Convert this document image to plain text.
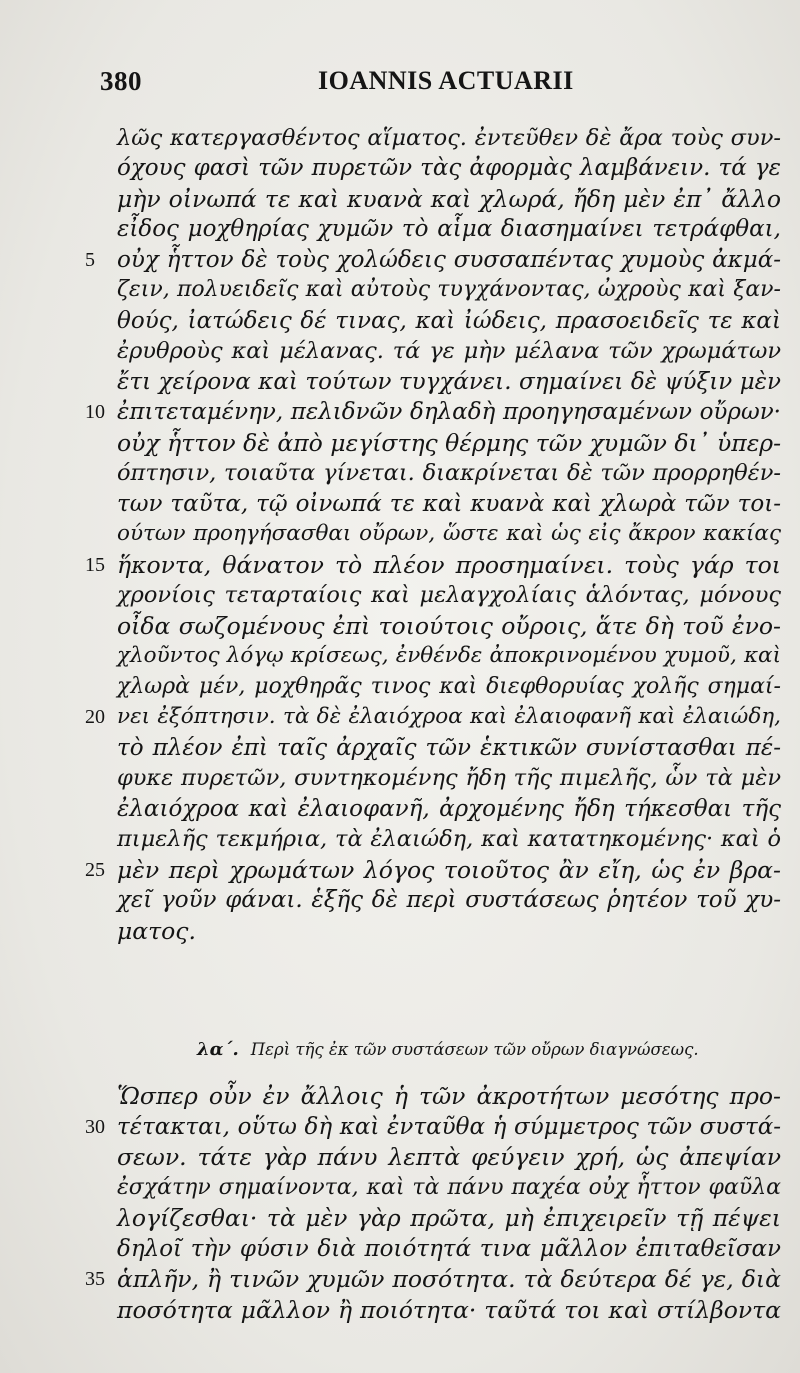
380	IOANNIS ACTUARII
λῶς κατεργασθέντος αἵματος. ἐντεῦθεν δὲ ἄρα τοὺς συν-
όχους φασὶ τῶν πυρετῶν τὰς ἀφορμὰς λαμβάνειν. τά γε
μὴν οἰνωπά τε καὶ κυανὰ καὶ χλωρά, ἤδη μὲν ἐπ᾽ ἄλλο
εἶδος μοχθηρίας χυμῶν τὸ αἷμα διασημαίνει τετράφθαι,
οὐχ ἧττον δὲ τοὺς χολώδεις συσσαπέντας χυμοὺς ἀκμά-
5
ζειν, πολυειδεῖς καὶ αὐτοὺς τυγχάνοντας, ὠχροὺς καὶ ξαν-
θούς, ἰατώδεις δέ τινας, καὶ ἰώδεις, πρασοειδεῖς τε καὶ
ἐρυθροὺς καὶ μέλανας. τά γε μὴν μέλανα τῶν χρωμάτων
ἔτι χείρονα καὶ τούτων τυγχάνει. σημαίνει δὲ ψύξιν μὲν
ἐπιτεταμένην, πελιδνῶν δηλαδὴ προηγησαμένων οὔρων·
10
οὐχ ἧττον δὲ ἀπὸ μεγίστης θέρμης τῶν χυμῶν δι᾽ ὑπερ-
όπτησιν, τοιαῦτα γίνεται. διακρίνεται δὲ τῶν προρρηθέν-
των ταῦτα, τῷ οἰνωπά τε καὶ κυανὰ καὶ χλωρὰ τῶν τοι-
ούτων προηγήσασθαι οὔρων, ὥστε καὶ ὡς εἰς ἄκρον κακίας
ἥκοντα, θάνατον τὸ πλέον προσημαίνει. τοὺς γάρ τοι
15
χρονίοις τεταρταίοις καὶ μελαγχολίαις ἁλόντας, μόνους
οἶδα σωζομένους ἐπὶ τοιούτοις οὔροις, ἅτε δὴ τοῦ ἐνο-
χλοῦντος λόγῳ κρίσεως, ἐνθένδε ἀποκρινομένου χυμοῦ, καὶ
χλωρὰ μέν, μοχθηρᾶς τινος καὶ διεφθορυίας χολῆς σημαί-
νει ἐξόπτησιν. τὰ δὲ ἐλαιόχροα καὶ ἐλαιοφανῆ καὶ ἐλαιώδη,
20
τὸ πλέον ἐπὶ ταῖς ἀρχαῖς τῶν ἑκτικῶν συνίστασθαι πέ-
φυκε πυρετῶν, συντηκομένης ἤδη τῆς πιμελῆς, ὧν τὰ μὲν
ἐλαιόχροα καὶ ἐλαιοφανῆ, ἀρχομένης ἤδη τήκεσθαι τῆς
πιμελῆς τεκμήρια, τὰ ἐλαιώδη, καὶ κατατηκομένης· καὶ ὁ
μὲν περὶ χρωμάτων λόγος τοιοῦτος ἂν εἴη, ὡς ἐν βρα-
25
χεῖ γοῦν φάναι. ἑξῆς δὲ περὶ συστάσεως ῥητέον τοῦ χυ-
ματος.
λα΄. Περὶ τῆς ἐκ τῶν συστάσεων τῶν οὔρων διαγνώσεως.
Ὥσπερ οὖν ἐν ἄλλοις ἡ τῶν ἀκροτήτων μεσότης προ-
τέτακται, οὕτω δὴ καὶ ἐνταῦθα ἡ σύμμετρος τῶν συστά-
30
σεων. τάτε γὰρ πάνυ λεπτὰ φεύγειν χρή, ὡς ἀπεψίαν
ἐσχάτην σημαίνοντα, καὶ τὰ πάνυ παχέα οὐχ ἧττον φαῦλα
λογίζεσθαι· τὰ μὲν γὰρ πρῶτα, μὴ ἐπιχειρεῖν τῇ πέψει
δηλοῖ τὴν φύσιν διὰ ποιότητά τινα μᾶλλον ἐπιταθεῖσαν
ἁπλῆν, ἢ τινῶν χυμῶν ποσότητα. τὰ δεύτερα δέ γε, διὰ
35
ποσότητα μᾶλλον ἢ ποιότητα· ταῦτά τοι καὶ στίλβοντα
